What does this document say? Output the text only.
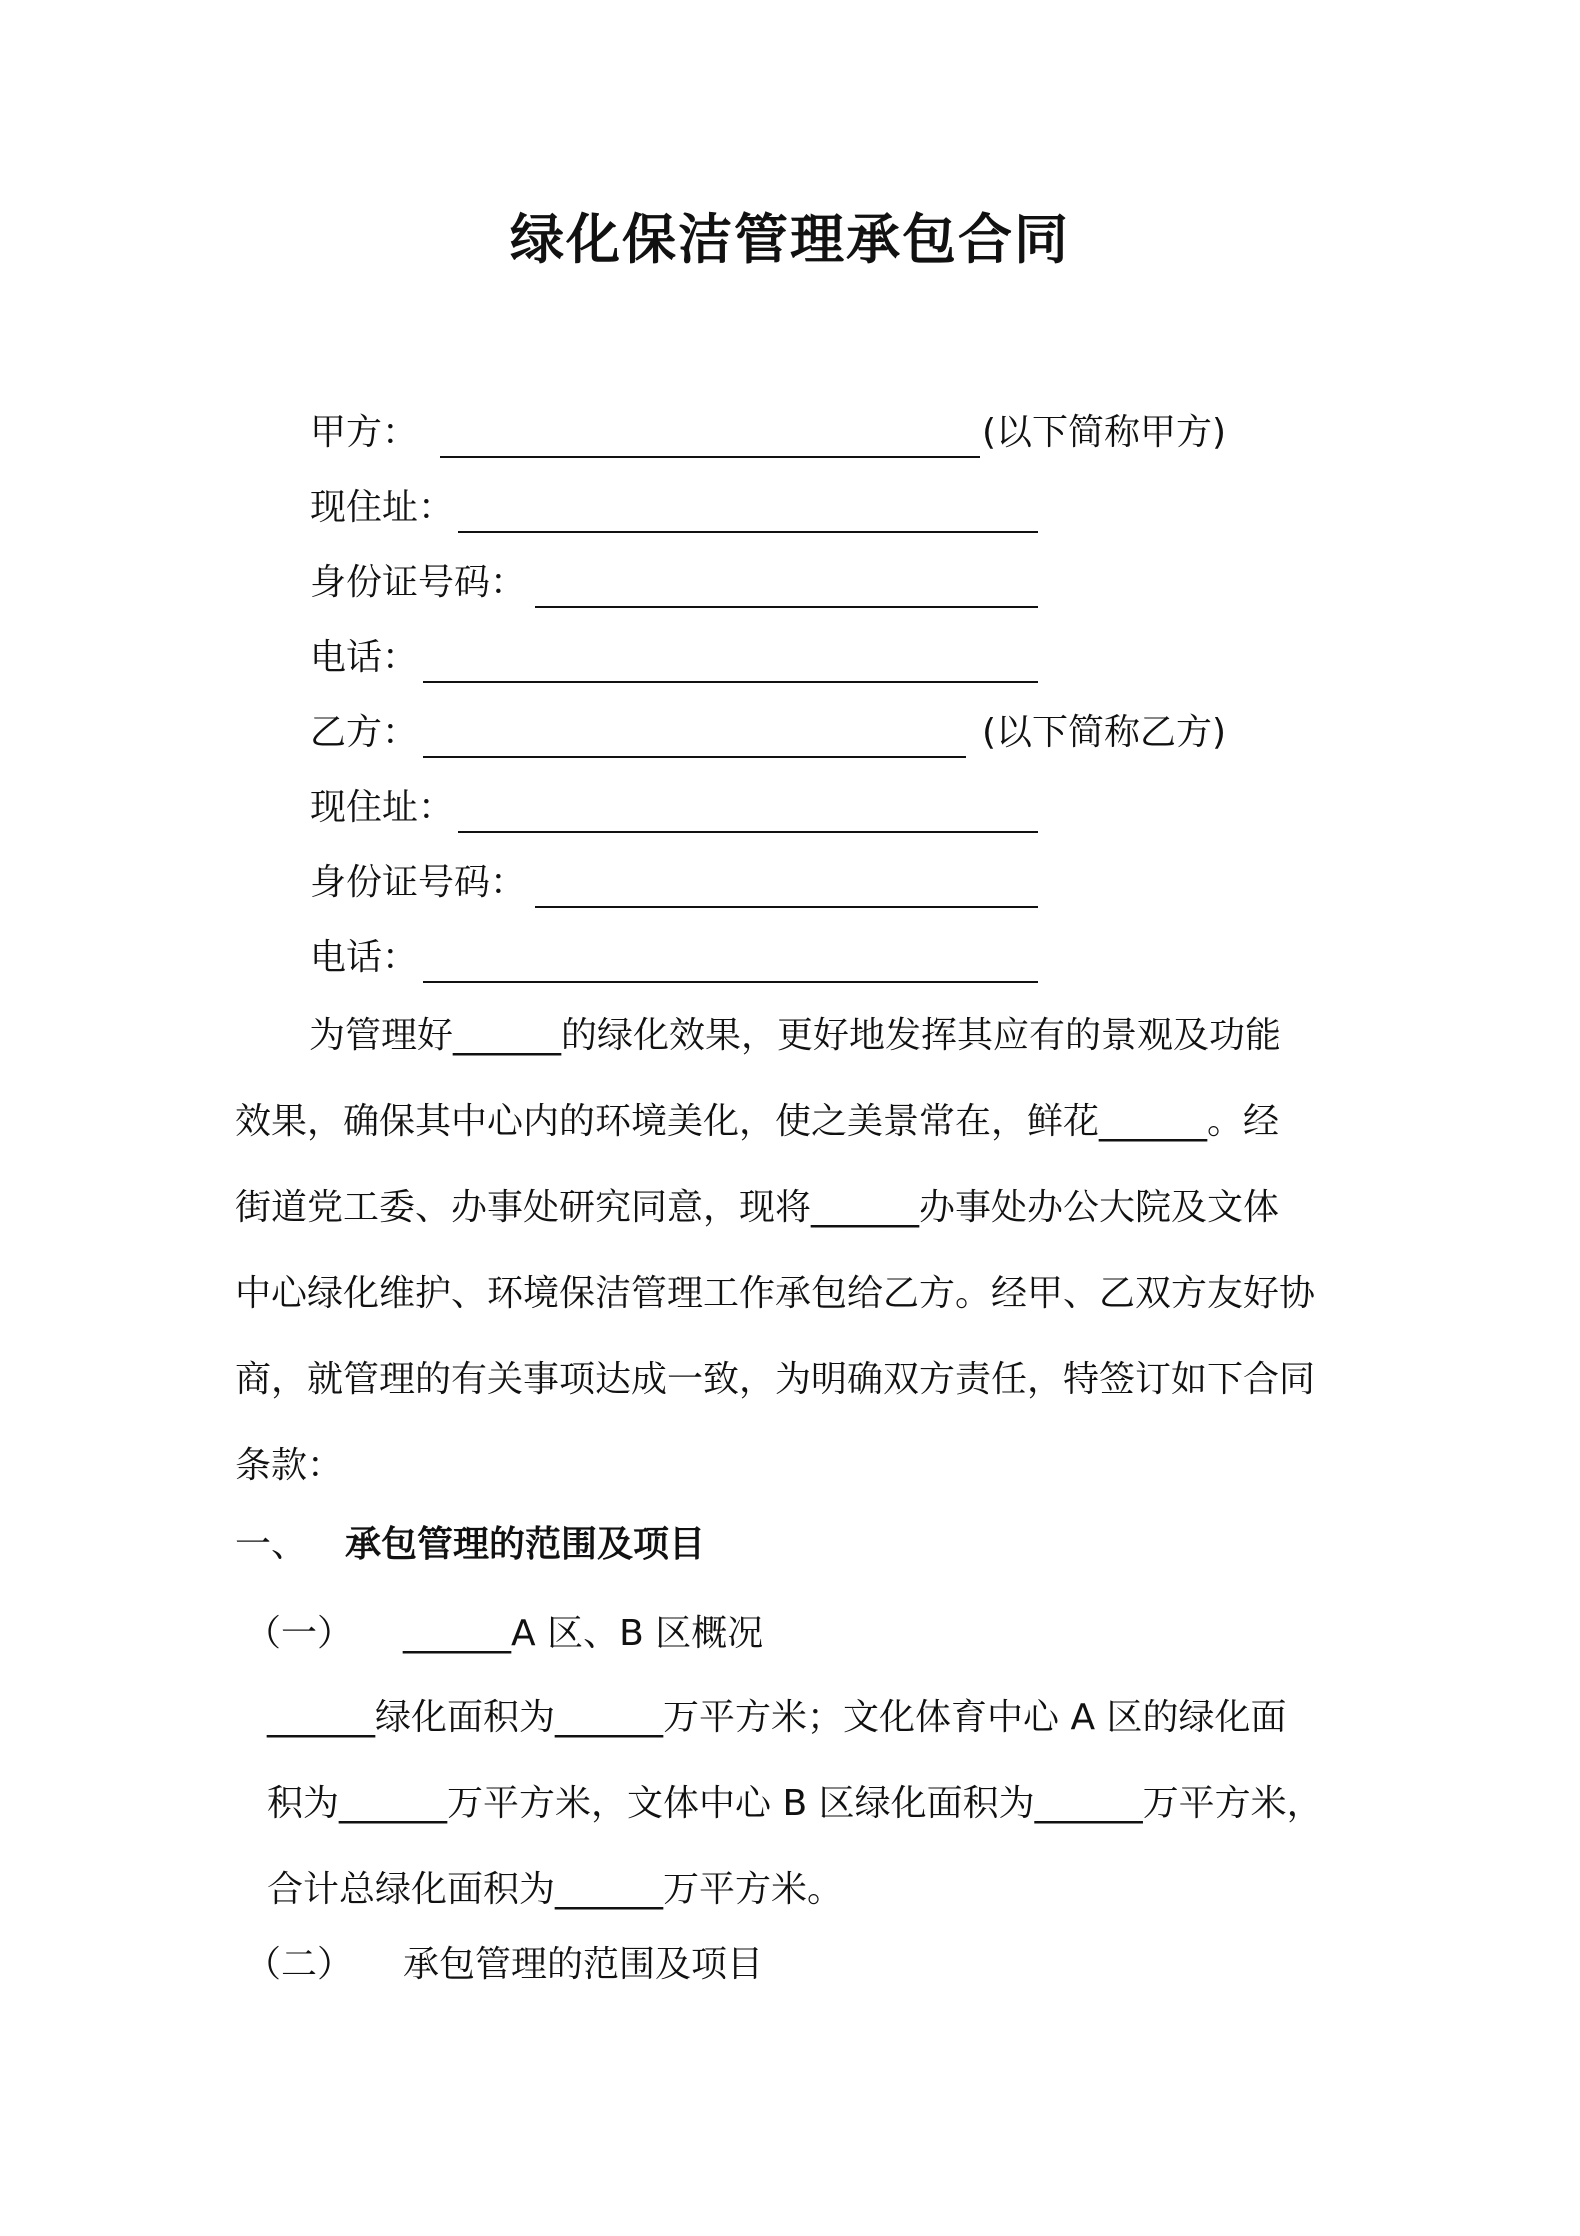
绿化保洁管理承包合同
甲方：	(以下简称甲方)
现住址：
身份证号码：
电话：
乙方：	(以下简称乙方)
现住址：
身份证号码：
电话：
为管理好______的绿化效果，更好地发挥其应有的景观及功能
效果，确保其中心内的环境美化，使之美景常在，鲜花______。经
街道党工委、办事处研究同意，现将______办事处办公大院及文体
中心绿化维护、环境保洁管理工作承包给乙方。经甲、乙双方友好协
商，就管理的有关事项达成一致，为明确双方责任，特签订如下合同
条款：
一、 承包管理的范围及项目
（一） ______A 区、B 区概况
______绿化面积为______万平方米；文化体育中心 A 区的绿化面
积为______万平方米，文体中心 B 区绿化面积为______万平方米，
合计总绿化面积为______万平方米。
（二） 承包管理的范围及项目
